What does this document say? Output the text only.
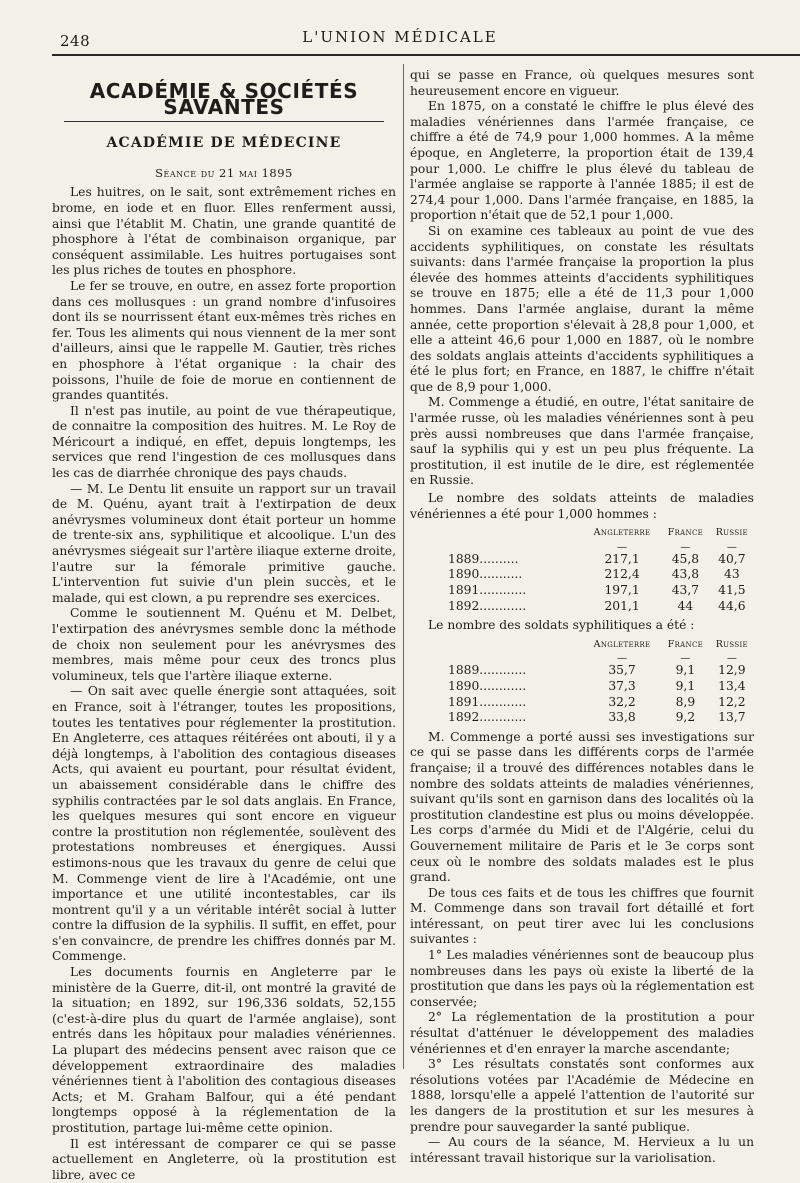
248	L'UNION MÉDICALE
ACADÉMIE & SOCIÉTÉS SAVANTES
ACADÉMIE DE MÉDECINE
Séance du 21 mai 1895

Les huitres, on le sait, sont extrêmement riches en brome, en iode et en fluor. Elles renferment aussi, ainsi que l'établit M. Chatin, une grande quantité de phosphore à l'état de combinaison organique, par conséquent assimilable. Les huitres portugaises sont les plus riches de toutes en phosphore.

Le fer se trouve, en outre, en assez forte proportion dans ces mollusques : un grand nombre d'infusoires dont ils se nourrissent étant eux-mêmes très riches en fer. Tous les aliments qui nous viennent de la mer sont d'ailleurs, ainsi que le rappelle M. Gautier, très riches en phosphore à l'état organique : la chair des poissons, l'huile de foie de morue en contiennent de grandes quantités.

Il n'est pas inutile, au point de vue thérapeutique, de connaitre la composition des huitres. M. Le Roy de Méricourt a indiqué, en effet, depuis longtemps, les services que rend l'ingestion de ces mollusques dans les cas de diarrhée chronique des pays chauds.

— M. Le Dentu lit ensuite un rapport sur un travail de M. Quénu, ayant trait à l'extirpation de deux anévrysmes volumineux dont était porteur un homme de trente-six ans, syphilitique et alcoolique. L'un des anévrysmes siégeait sur l'artère iliaque externe droite, l'autre sur la fémorale primitive gauche. L'intervention fut suivie d'un plein succès, et le malade, qui est clown, a pu reprendre ses exercices.

Comme le soutiennent M. Quénu et M. Delbet, l'extirpation des anévrysmes semble donc la méthode de choix non seulement pour les anévrysmes des membres, mais même pour ceux des troncs plus volumineux, tels que l'artère iliaque externe.

— On sait avec quelle énergie sont attaquées, soit en France, soit à l'étranger, toutes les propositions, toutes les tentatives pour réglementer la prostitution. En Angleterre, ces attaques réitérées ont abouti, il y a déjà longtemps, à l'abolition des contagious diseases Acts, qui avaient eu pourtant, pour résultat évident, un abaissement considérable dans le chiffre des syphilis contractées par le sol dats anglais. En France, les quelques mesures qui sont encore en vigueur contre la prostitution non réglementée, soulèvent des protestations nombreuses et énergiques. Aussi estimons-nous que les travaux du genre de celui que M. Commenge vient de lire à l'Académie, ont une importance et une utilité incontestables, car ils montrent qu'il y a un véritable intérêt social à lutter contre la diffusion de la syphilis. Il suffit, en effet, pour s'en convaincre, de prendre les chiffres donnés par M. Commenge.

Les documents fournis en Angleterre par le ministère de la Guerre, dit-il, ont montré la gravité de la situation; en 1892, sur 196,336 soldats, 52,155 (c'est-à-dire plus du quart de l'armée anglaise), sont entrés dans les hôpitaux pour maladies vénériennes. La plupart des médecins pensent avec raison que ce développement extraordinaire des maladies vénériennes tient à l'abolition des contagious diseases Acts; et M. Graham Balfour, qui a été pendant longtemps opposé à la réglementation de la prostitution, partage lui-même cette opinion.

Il est intéressant de comparer ce qui se passe actuellement en Angleterre, où la prostitution est libre, avec ce

qui se passe en France, où quelques mesures sont heureusement encore en vigueur.

En 1875, on a constaté le chiffre le plus élevé des maladies vénériennes dans l'armée française, ce chiffre a été de 74,9 pour 1,000 hommes. A la même époque, en Angleterre, la proportion était de 139,4 pour 1,000. Le chiffre le plus élevé du tableau de l'armée anglaise se rapporte à l'année 1885; il est de 274,4 pour 1,000. Dans l'armée française, en 1885, la proportion n'était que de 52,1 pour 1,000.

Si on examine ces tableaux au point de vue des accidents syphilitiques, on constate les résultats suivants: dans l'armée française la proportion la plus élevée des hommes atteints d'accidents syphilitiques se trouve en 1875; elle a été de 11,3 pour 1,000 hommes. Dans l'armée anglaise, durant la même année, cette proportion s'élevait à 28,8 pour 1,000, et elle a atteint 46,6 pour 1,000 en 1887, où le nombre des soldats anglais atteints d'accidents syphilitiques a été le plus fort; en France, en 1887, le chiffre n'était que de 8,9 pour 1,000.

M. Commenge a étudié, en outre, l'état sanitaire de l'armée russe, où les maladies vénériennes sont à peu près aussi nombreuses que dans l'armée française, sauf la syphilis qui y est un peu plus fréquente. La prostitution, il est inutile de le dire, est réglementée en Russie.

Le nombre des soldats atteints de maladies vénériennes a été pour 1,000 hommes :

	Angleterre	France	Russie
	—	—	—
1889..........	217,1	45,8	40,7
1890...........	212,4	43,8	43
1891............	197,1	43,7	41,5
1892............	201,1	44	44,6

Le nombre des soldats syphilitiques a été :

	Angleterre	France	Russie
	—	—	—
1889............	35,7	9,1	12,9
1890............	37,3	9,1	13,4
1891............	32,2	8,9	12,2
1892............	33,8	9,2	13,7

M. Commenge a porté aussi ses investigations sur ce qui se passe dans les différents corps de l'armée française; il a trouvé des différences notables dans le nombre des soldats atteints de maladies vénériennes, suivant qu'ils sont en garnison dans des localités où la prostitution clandestine est plus ou moins développée. Les corps d'armée du Midi et de l'Algérie, celui du Gouvernement militaire de Paris et le 3e corps sont ceux où le nombre des soldats malades est le plus grand.

De tous ces faits et de tous les chiffres que fournit M. Commenge dans son travail fort détaillé et fort intéressant, on peut tirer avec lui les conclusions suivantes :

1° Les maladies vénériennes sont de beaucoup plus nombreuses dans les pays où existe la liberté de la prostitution que dans les pays où la réglementation est conservée;

2° La réglementation de la prostitution a pour résultat d'atténuer le développement des maladies vénériennes et d'en enrayer la marche ascendante;

3° Les résultats constatés sont conformes aux résolutions votées par l'Académie de Médecine en 1888, lorsqu'elle a appelé l'attention de l'autorité sur les dangers de la prostitution et sur les mesures à prendre pour sauvegarder la santé publique.

— Au cours de la séance, M. Hervieux a lu un intéressant travail historique sur la variolisation.
